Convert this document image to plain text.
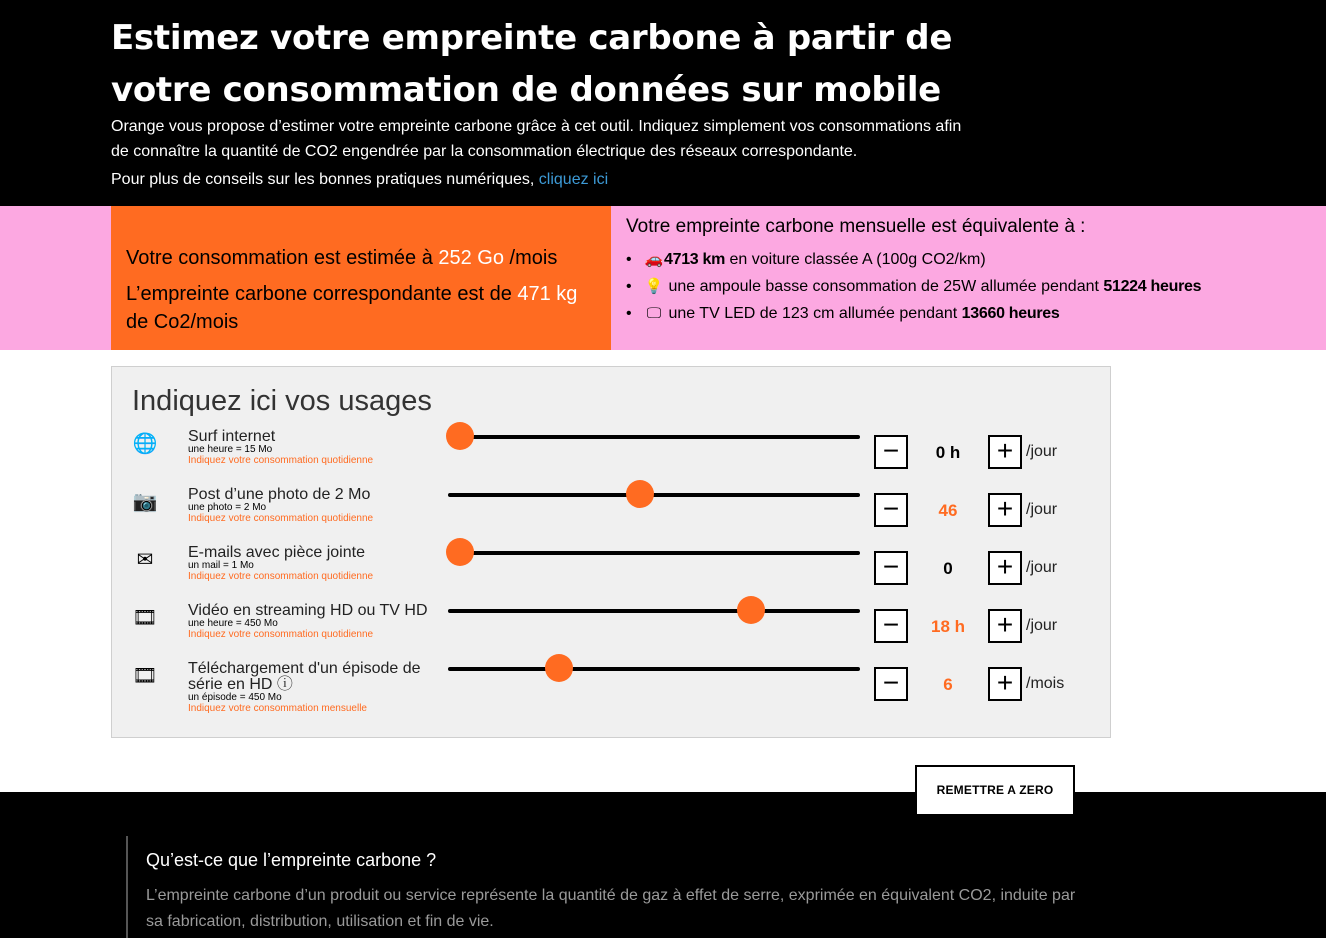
Estimez votre empreinte carbone à partir de votre consommation de données sur mobile

Orange vous propose d’estimer votre empreinte carbone grâce à cet outil. Indiquez simplement vos consommations afin de connaître la quantité de CO2 engendrée par la consommation électrique des réseaux correspondante.

Pour plus de conseils sur les bonnes pratiques numériques, cliquez ici

Votre consommation est estimée à 252 Go /mois

L’empreinte carbone correspondante est de 471 kg de Co2/mois

Votre empreinte carbone mensuelle est équivalente à :
• 🚗4713 km en voiture classée A (100g CO2/km)
• 💡 une ampoule basse consommation de 25W allumée pendant 51224 heures
• 🖵 une TV LED de 123 cm allumée pendant 13660 heures
Indiquez ici vos usages
🌐 Surf internet
une heure = 15 Mo
Indiquez votre consommation quotidienne	−	0 h	+ /jour
📷 Post d’une photo de 2 Mo
une photo = 2 Mo
Indiquez votre consommation quotidienne	−	46	+ /jour
✉ E-mails avec pièce jointe
un mail = 1 Mo
Indiquez votre consommation quotidienne	−	0	+ /jour
🎞 Vidéo en streaming HD ou TV HD
une heure = 450 Mo
Indiquez votre consommation quotidienne	−	18 h	+ /jour
🎞 Téléchargement d'un épisode de série en HD ⓘ
un épisode = 450 Mo
Indiquez votre consommation mensuelle
−	6	+ /mois
REMETTRE A ZERO
Qu’est-ce que l’empreinte carbone ?

L’empreinte carbone d’un produit ou service représente la quantité de gaz à effet de serre, exprimée en équivalent CO2, induite par sa fabrication, distribution, utilisation et fin de vie.
